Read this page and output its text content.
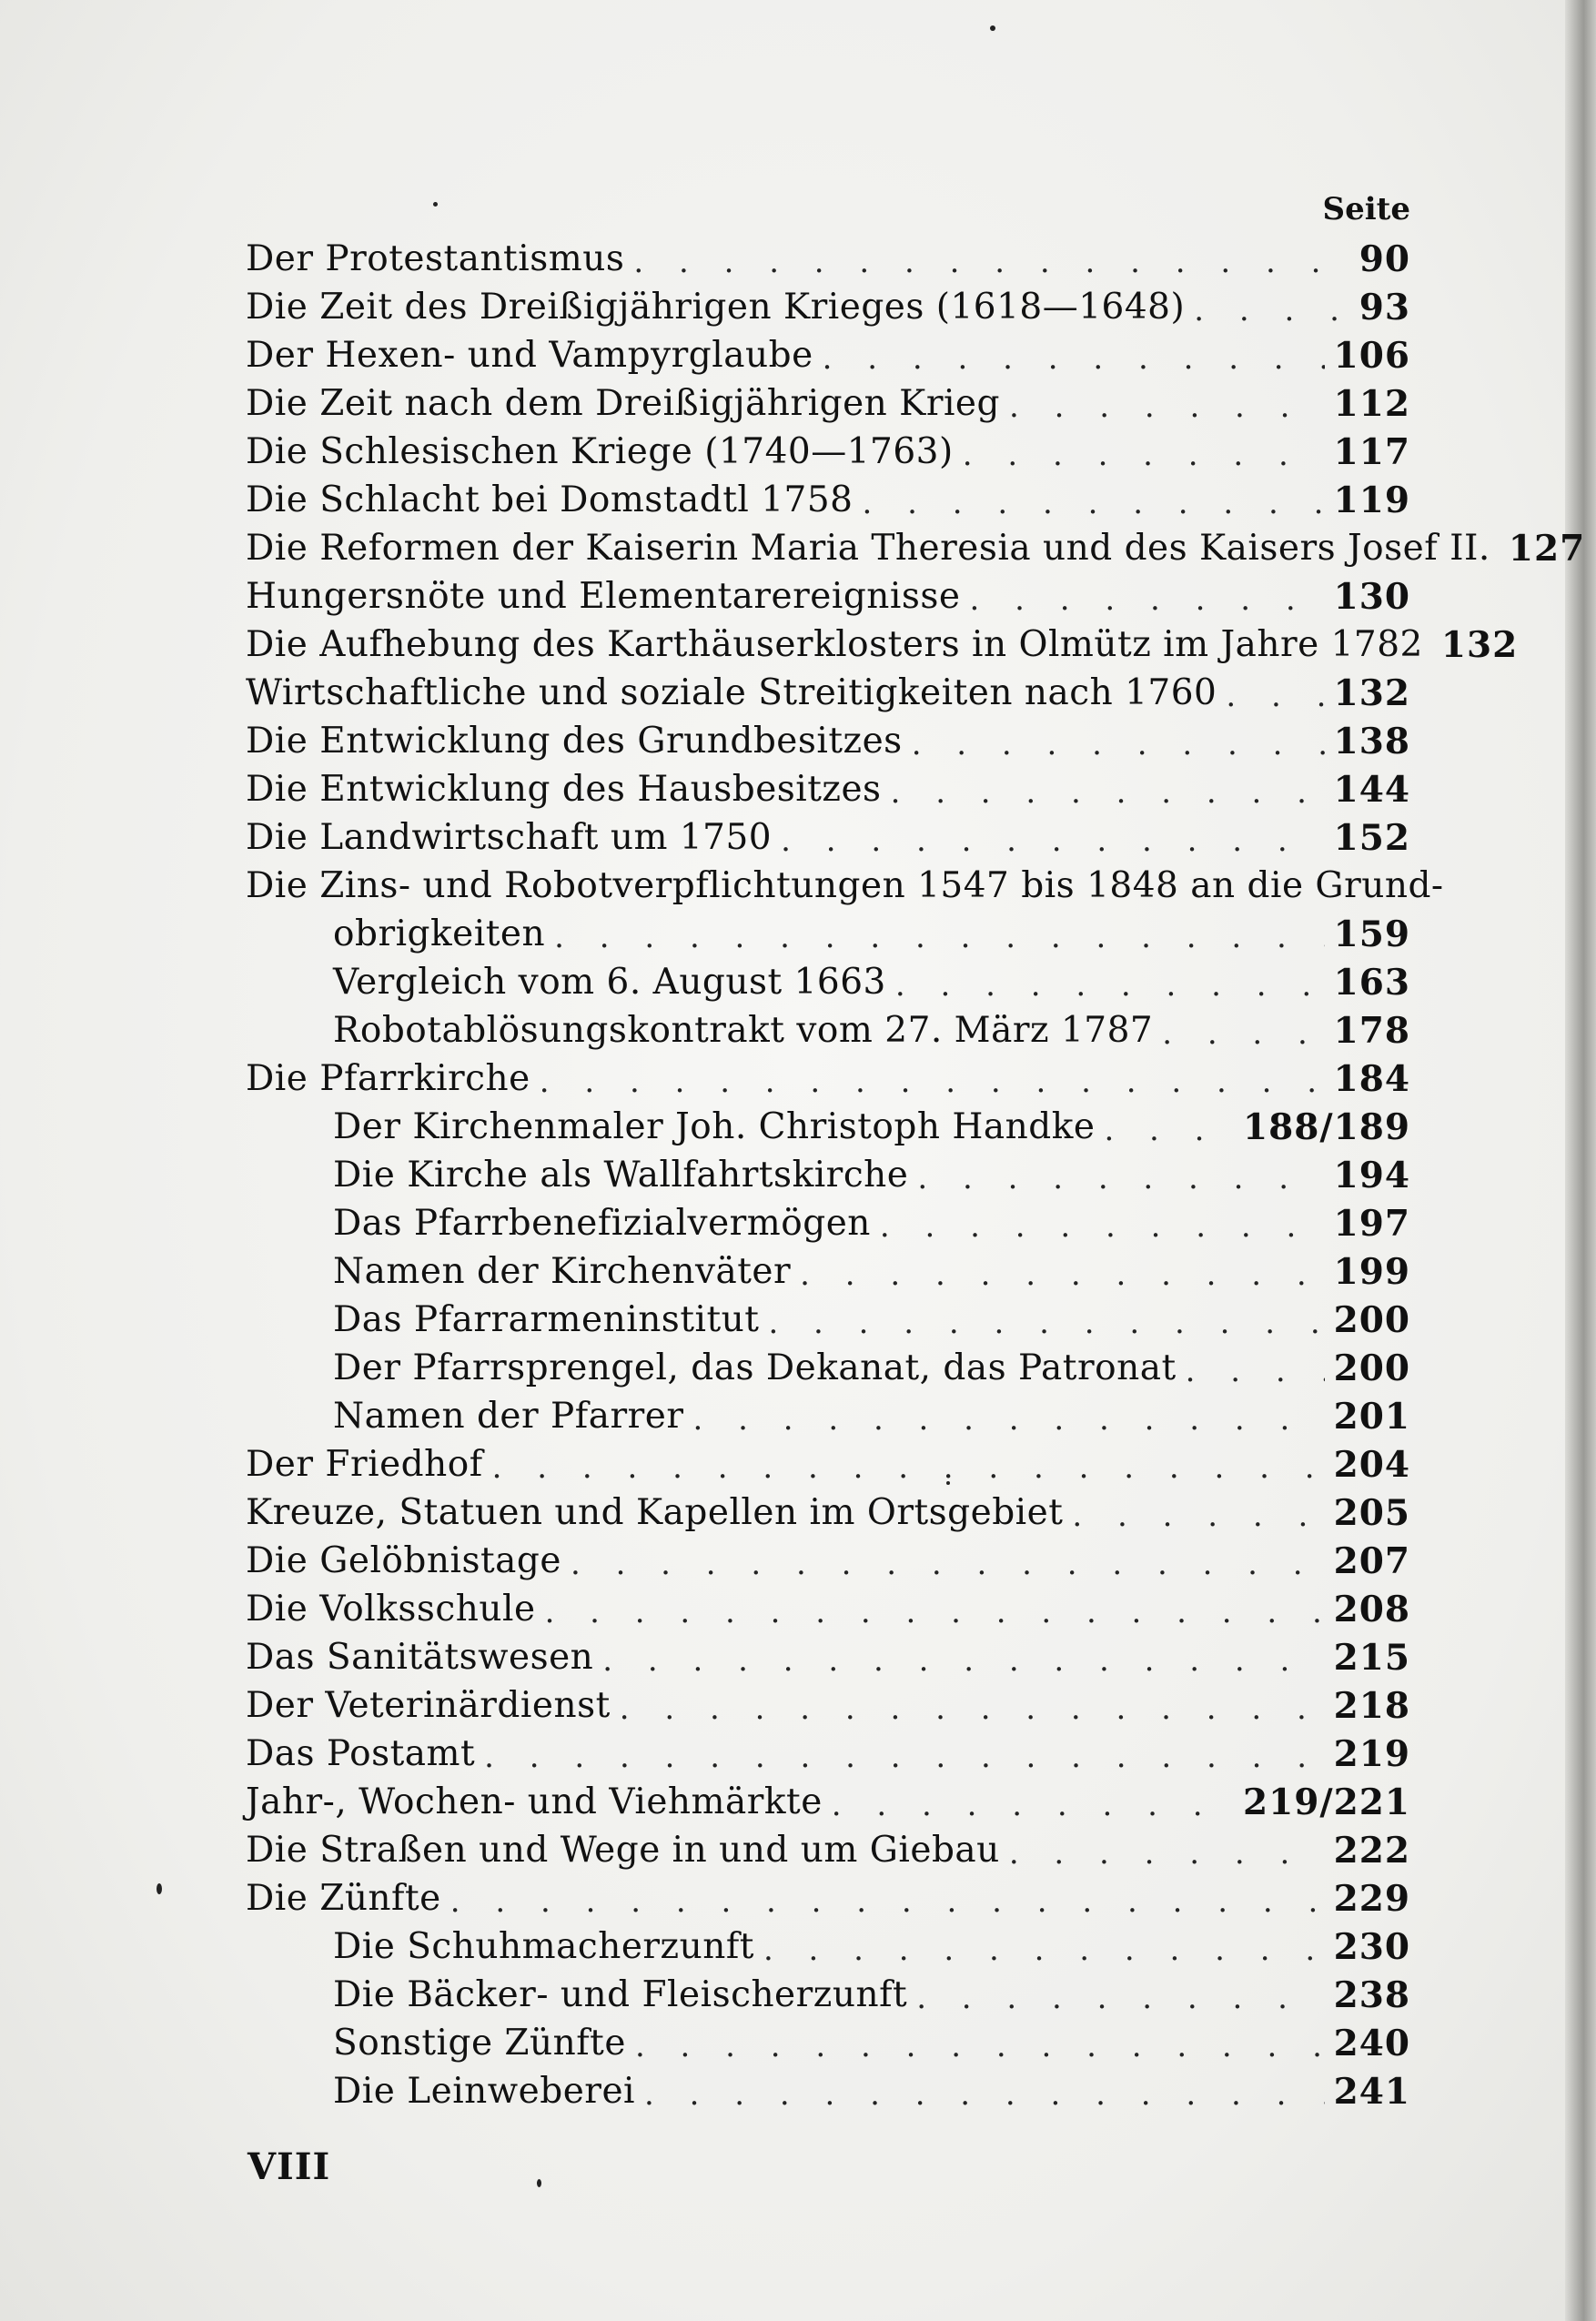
Seite
Der Protestantismus . . .	90
Die Zeit des Dreißigjährigen Krieges (1618—1648) . . .	93
Der Hexen- und Vampyrglaube . . .	106
Die Zeit nach dem Dreißigjährigen Krieg . . .	112
Die Schlesischen Kriege (1740—1763) . . .	117
Die Schlacht bei Domstadtl 1758 . . .	119
Die Reformen der Kaiserin Maria Theresia und des Kaisers Josef II. 127
Hungersnöte und Elementarereignisse . . .	130
Die Aufhebung des Karthäuserklosters in Olmütz im Jahre 1782 132
Wirtschaftliche und soziale Streitigkeiten nach 1760 . . .	132
Die Entwicklung des Grundbesitzes . . .	138
Die Entwicklung des Hausbesitzes . . .	144
Die Landwirtschaft um 1750 . . .	152
Die Zins- und Robotverpflichtungen 1547 bis 1848 an die Grund-
obrigkeiten . . .	159
Vergleich vom 6. August 1663 . . .	163
Robotablösungskontrakt vom 27. März 1787 . . .	178
Die Pfarrkirche . . .	184
Der Kirchenmaler Joh. Christoph Handke . . .	188/189
Die Kirche als Wallfahrtskirche . . .	194
Das Pfarrbenefizialvermögen . . .	197
Namen der Kirchenväter . . .	199
Das Pfarrarmeninstitut . . .	200
Der Pfarrsprengel, das Dekanat, das Patronat . . .	200
Namen der Pfarrer . . .	201
Der Friedhof . . .	204
Kreuze, Statuen und Kapellen im Ortsgebiet . . .	205
Die Gelöbnistage . . .	207
Die Volksschule . . .	208
Das Sanitätswesen . . .	215
Der Veterinärdienst . . .	218
Das Postamt . . .	219
Jahr-, Wochen- und Viehmärkte . . .	219/221
Die Straßen und Wege in und um Giebau . . .	222
Die Zünfte . . .	229
Die Schuhmacherzunft . . .	230
Die Bäcker- und Fleischerzunft . . .	238
Sonstige Zünfte . . .	240
Die Leinweberei . . .	241
VIII
